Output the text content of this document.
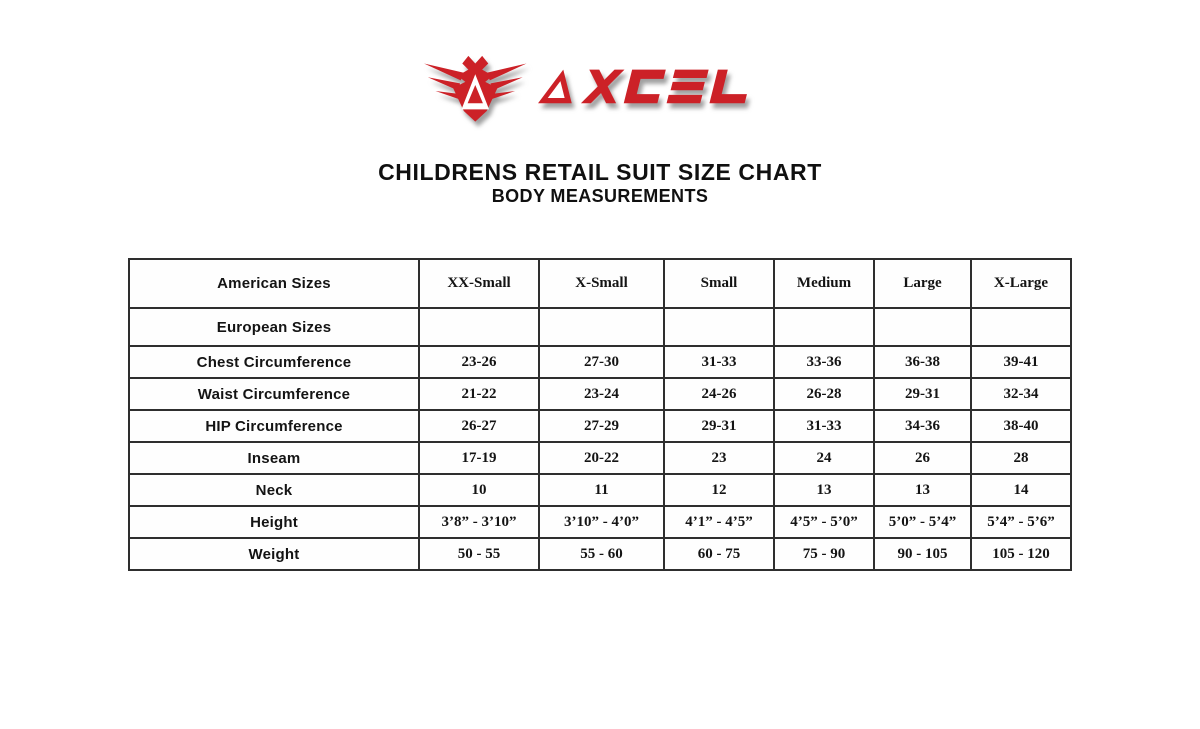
CHILDRENS RETAIL SUIT SIZE CHART
BODY MEASUREMENTS
American Sizes	XX-Small	X-Small	Small	Medium	Large	X-Large
European Sizes						
Chest Circumference	23-26	27-30	31-33	33-36	36-38	39-41
Waist Circumference	21-22	23-24	24-26	26-28	29-31	32-34
HIP Circumference	26-27	27-29	29-31	31-33	34-36	38-40
Inseam	17-19	20-22	23	24	26	28
Neck	10	11	12	13	13	14
Height	3’8” - 3’10”	3’10” - 4’0”	4’1” - 4’5”	4’5” - 5’0”	5’0” - 5’4”	5’4” - 5’6”
Weight	50 - 55	55 - 60	60 - 75	75 - 90	90 - 105	105 - 120
